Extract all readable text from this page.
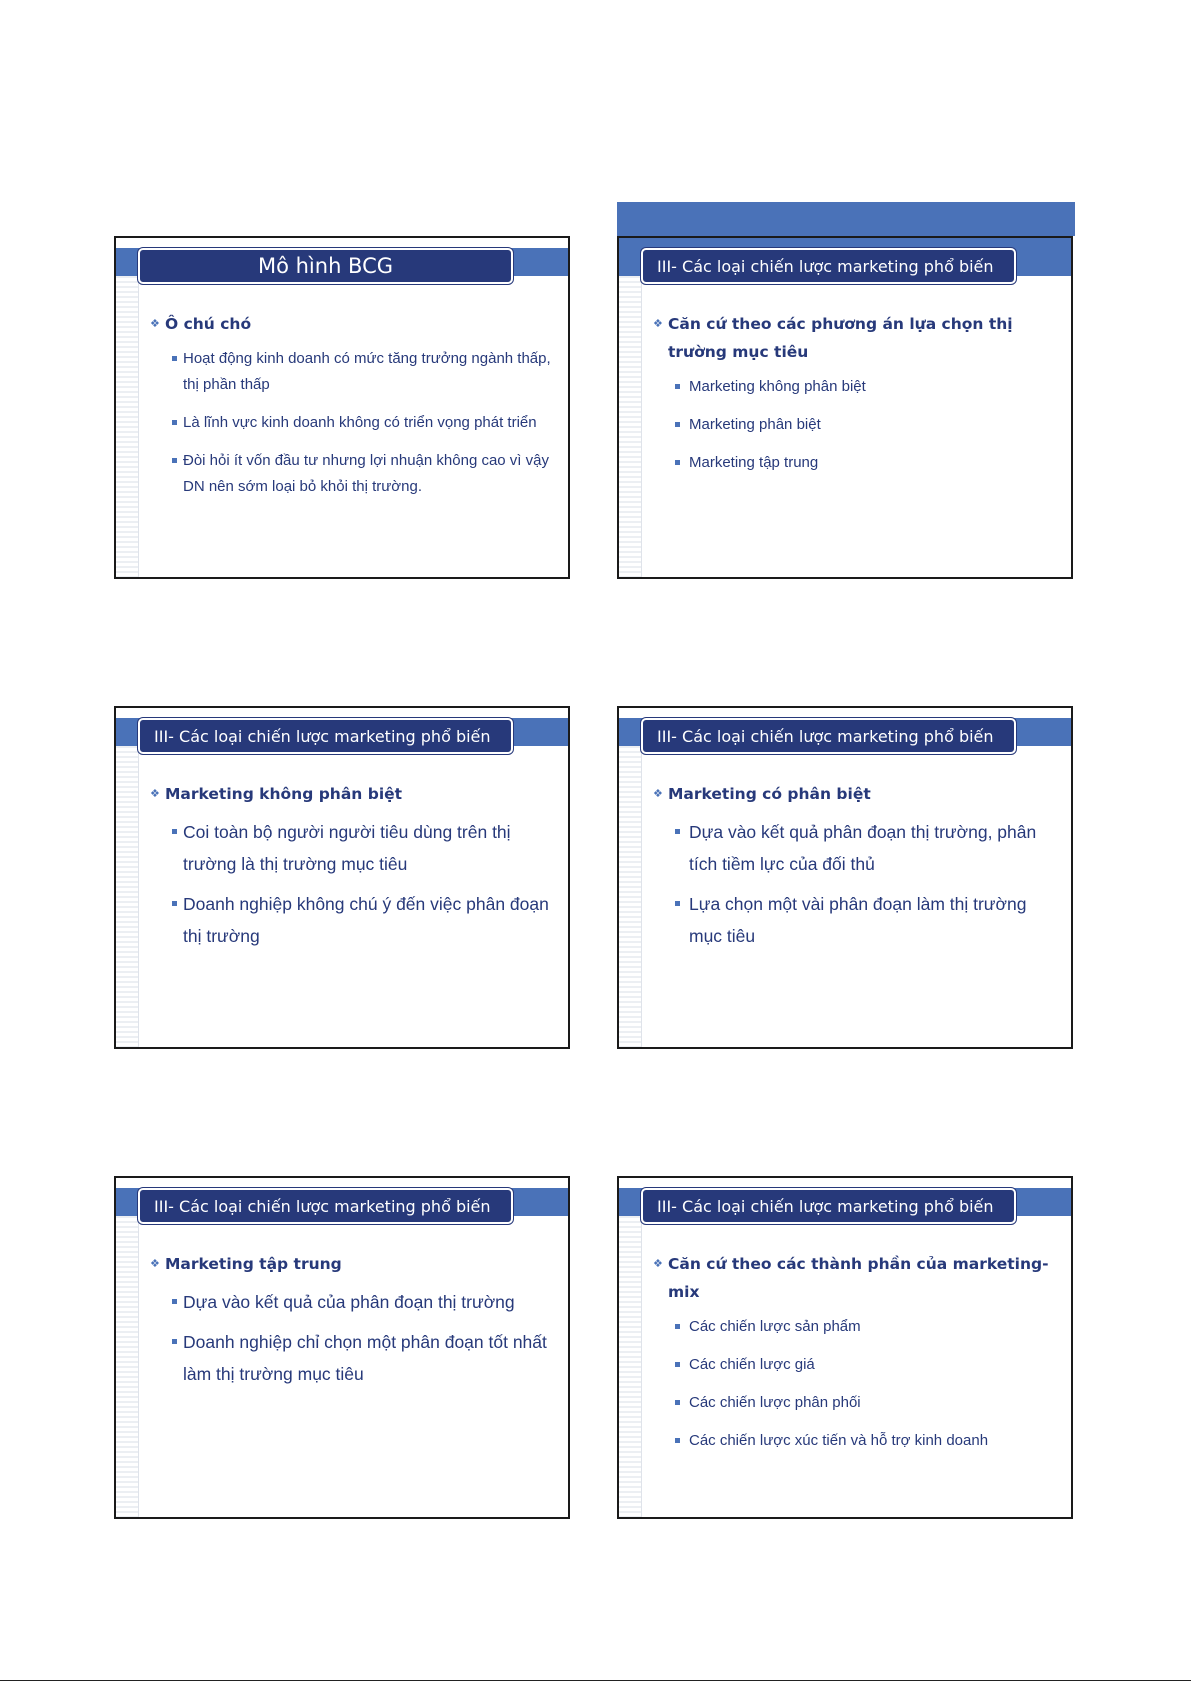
Mô hình BCG
❖ Ô chú chó
Hoạt động kinh doanh có mức tăng trưởng ngành thấp, thị phần thấp
Là lĩnh vực kinh doanh không có triển vọng phát triển
Đòi hỏi ít vốn đầu tư nhưng lợi nhuận không cao vì vậy DN nên sớm loại bỏ khỏi thị trường.
III- Các loại chiến lược marketing phổ biến
❖ Căn cứ theo các phương án lựa chọn thị trường mục tiêu
Marketing không phân biệt
Marketing phân biệt
Marketing tập trung
III- Các loại chiến lược marketing phổ biến
❖ Marketing không phân biệt
Coi toàn bộ người người tiêu dùng trên thị trường là thị trường mục tiêu
Doanh nghiệp không chú ý đến việc phân đoạn thị trường
III- Các loại chiến lược marketing phổ biến
❖ Marketing có phân biệt
Dựa vào kết quả phân đoạn thị trường, phân tích tiềm lực của đối thủ
Lựa chọn một vài phân đoạn làm thị trường mục tiêu
III- Các loại chiến lược marketing phổ biến
❖ Marketing tập trung
Dựa vào kết quả của phân đoạn thị trường
Doanh nghiệp chỉ chọn một phân đoạn tốt nhất làm thị trường mục tiêu
III- Các loại chiến lược marketing phổ biến
❖ Căn cứ theo các thành phần của marketing-mix
Các chiến lược sản phẩm
Các chiến lược giá
Các chiến lược phân phối
Các chiến lược xúc tiến và hỗ trợ kinh doanh
